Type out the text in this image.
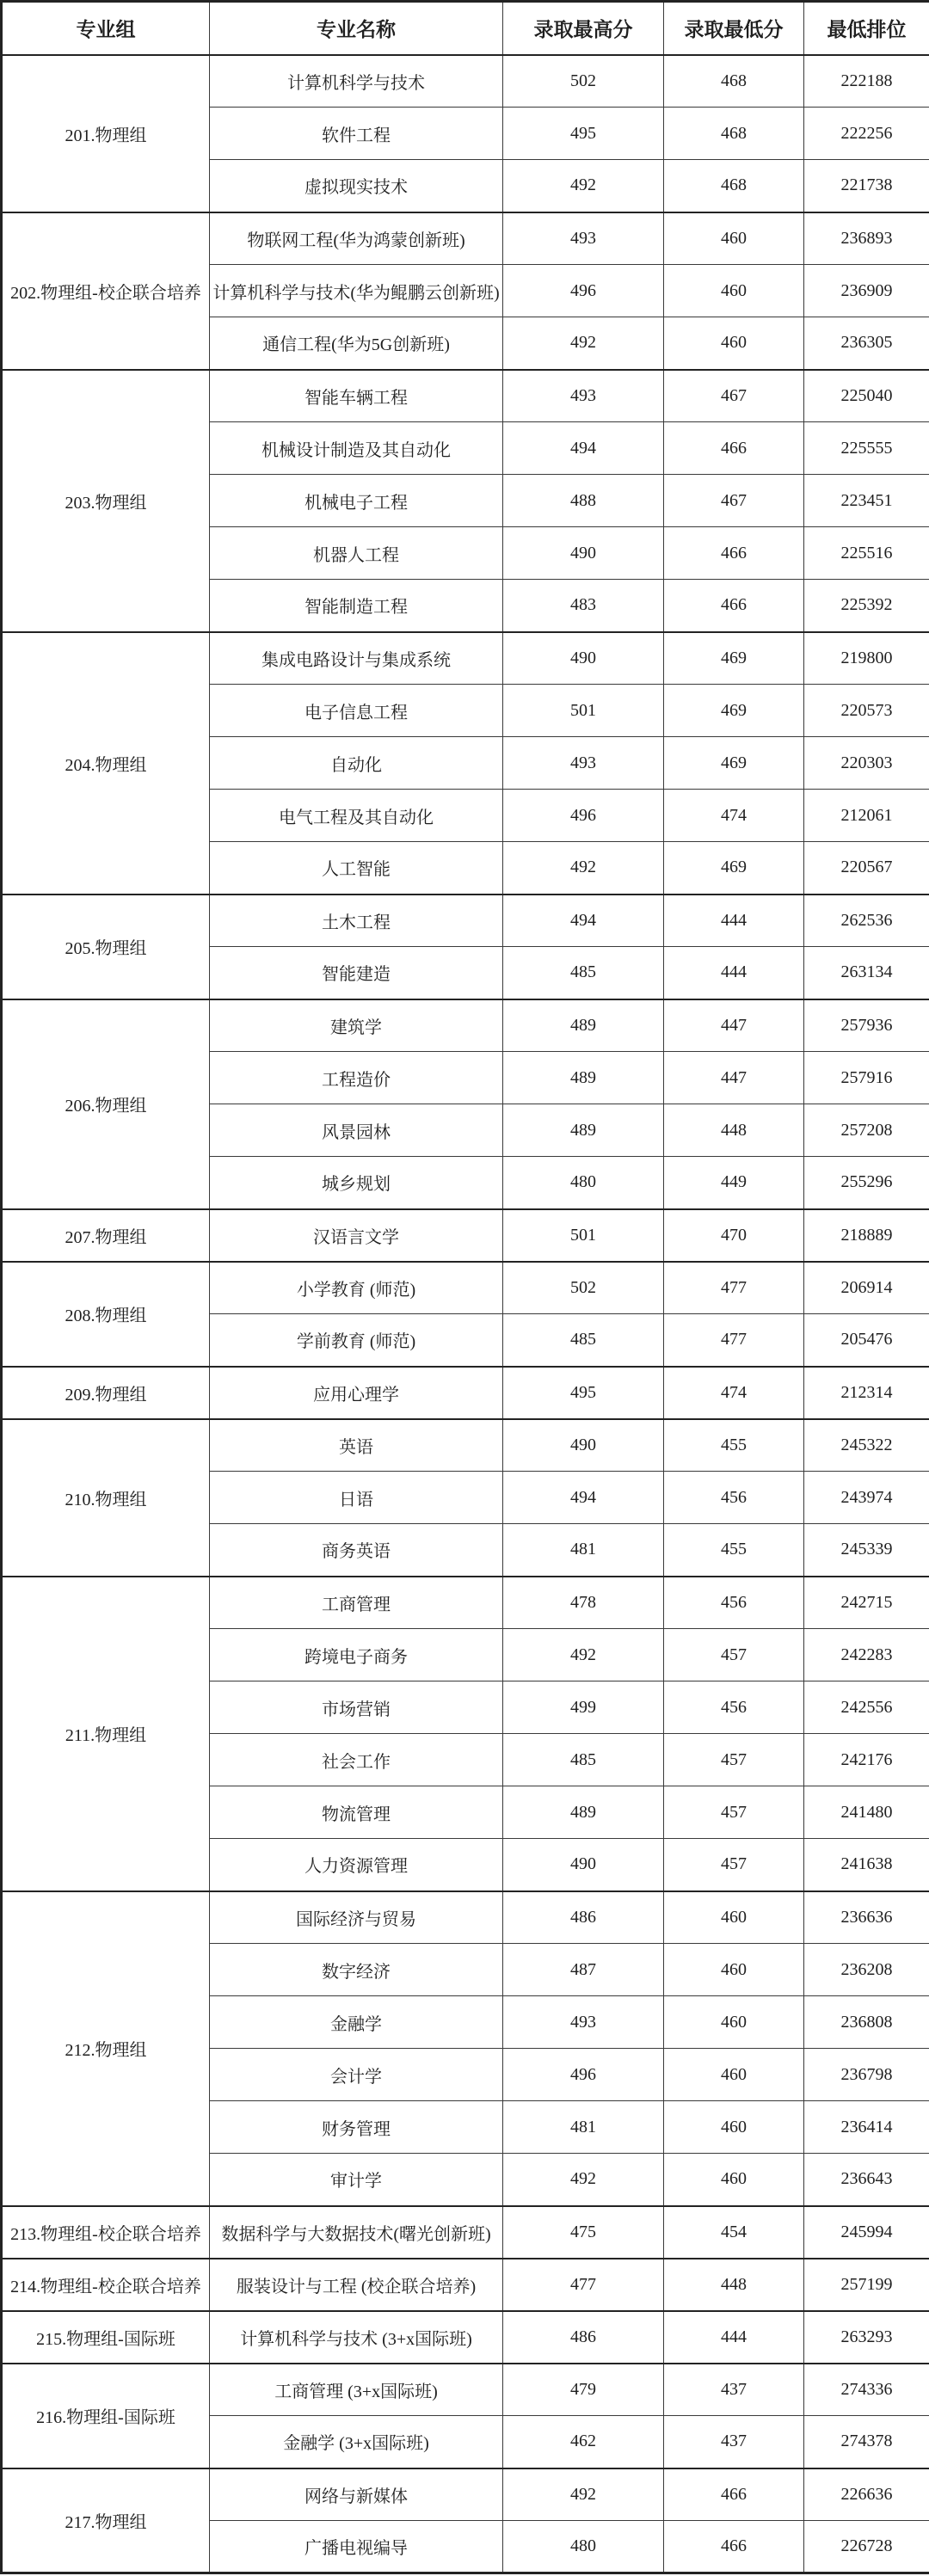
专业组	专业名称	录取最高分	录取最低分	最低排位
201.物理组	计算机科学与技术	502	468	222188
	软件工程	495	468	222256
	虚拟现实技术	492	468	221738
202.物理组-校企联合培养	物联网工程(华为鸿蒙创新班)	493	460	236893
	计算机科学与技术(华为鲲鹏云创新班)	496	460	236909
	通信工程(华为5G创新班)	492	460	236305
203.物理组	智能车辆工程	493	467	225040
	机械设计制造及其自动化	494	466	225555
	机械电子工程	488	467	223451
	机器人工程	490	466	225516
	智能制造工程	483	466	225392
204.物理组	集成电路设计与集成系统	490	469	219800
	电子信息工程	501	469	220573
	自动化	493	469	220303
	电气工程及其自动化	496	474	212061
	人工智能	492	469	220567
205.物理组	土木工程	494	444	262536
	智能建造	485	444	263134
206.物理组	建筑学	489	447	257936
	工程造价	489	447	257916
	风景园林	489	448	257208
	城乡规划	480	449	255296
207.物理组	汉语言文学	501	470	218889
208.物理组	小学教育 (师范)	502	477	206914
	学前教育 (师范)	485	477	205476
209.物理组	应用心理学	495	474	212314
210.物理组	英语	490	455	245322
	日语	494	456	243974
	商务英语	481	455	245339
211.物理组	工商管理	478	456	242715
	跨境电子商务	492	457	242283
	市场营销	499	456	242556
	社会工作	485	457	242176
	物流管理	489	457	241480
	人力资源管理	490	457	241638
212.物理组	国际经济与贸易	486	460	236636
	数字经济	487	460	236208
	金融学	493	460	236808
	会计学	496	460	236798
	财务管理	481	460	236414
	审计学	492	460	236643
213.物理组-校企联合培养	数据科学与大数据技术(曙光创新班)	475	454	245994
214.物理组-校企联合培养	服装设计与工程 (校企联合培养)	477	448	257199
215.物理组-国际班	计算机科学与技术 (3+x国际班)	486	444	263293
216.物理组-国际班	工商管理 (3+x国际班)	479	437	274336
	金融学 (3+x国际班)	462	437	274378
217.物理组	网络与新媒体	492	466	226636
	广播电视编导	480	466	226728
